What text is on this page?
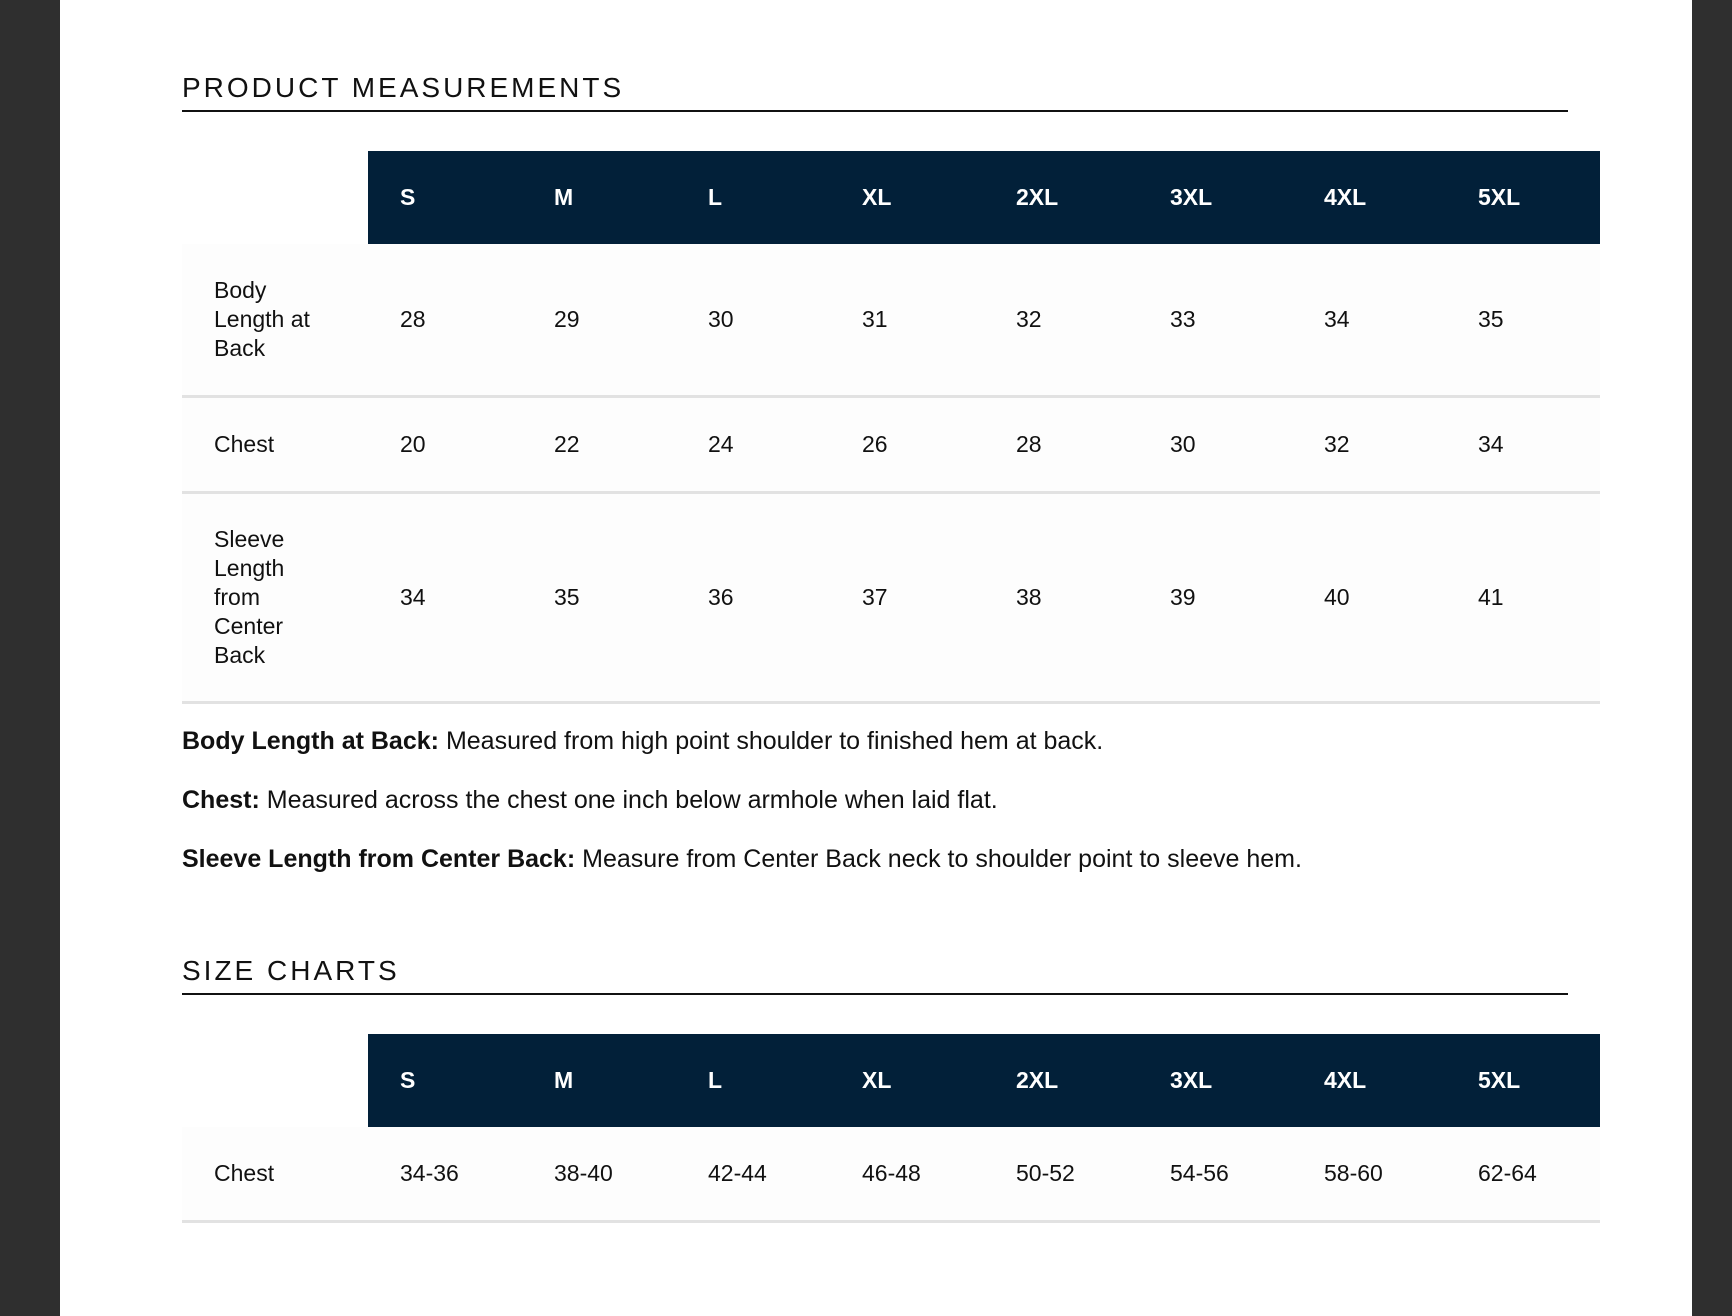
PRODUCT MEASUREMENTS
	S	M	L	XL	2XL	3XL	4XL	5XL

Body Length at Back	28	29	30	31	32	33	34	35
Chest	20	22	24	26	28	30	32	34

Sleeve Length from Center Back	34	35	36	37	38	39	40	41
Body Length at Back: Measured from high point shoulder to finished hem at back.
Chest: Measured across the chest one inch below armhole when laid flat.
Sleeve Length from Center Back: Measure from Center Back neck to shoulder point to sleeve hem.
SIZE CHARTS
	S	M	L	XL	2XL	3XL	4XL	5XL
Chest	34-36	38-40	42-44	46-48	50-52	54-56	58-60	62-64
